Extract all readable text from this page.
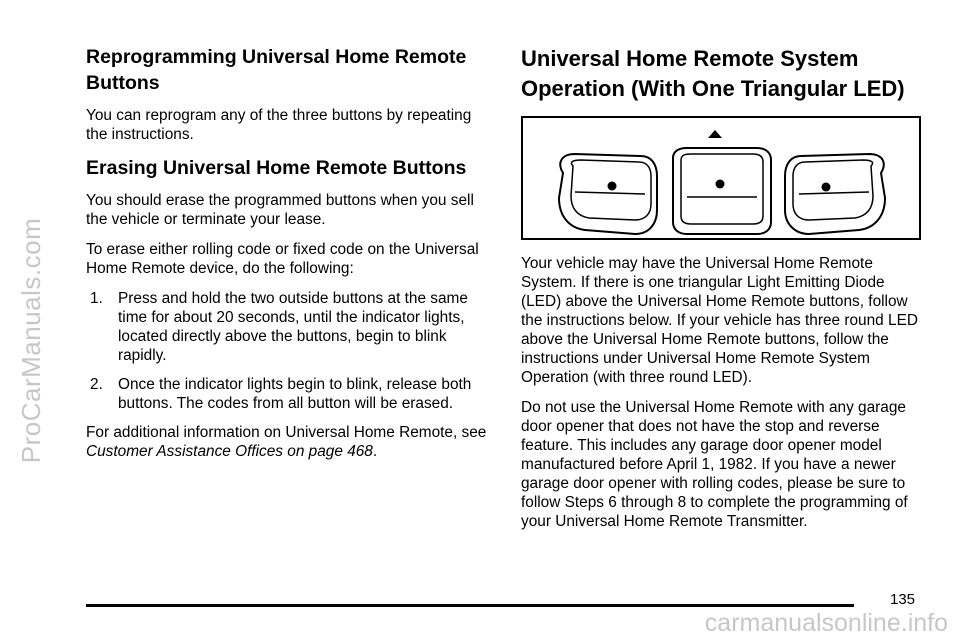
ProCarManuals.com
Reprogramming Universal Home Remote Buttons

You can reprogram any of the three buttons by repeating the instructions.

Erasing Universal Home Remote Buttons

You should erase the programmed buttons when you sell the vehicle or terminate your lease.

To erase either rolling code or fixed code on the Universal Home Remote device, do the following:

1. Press and hold the two outside buttons at the same time for about 20 seconds, until the indicator lights, located directly above the buttons, begin to blink rapidly.
2. Once the indicator lights begin to blink, release both buttons. The codes from all button will be erased.

For additional information on Universal Home Remote, see Customer Assistance Offices on page 468.

Universal Home Remote System Operation (With One Triangular LED)

Your vehicle may have the Universal Home Remote System. If there is one triangular Light Emitting Diode (LED) above the Universal Home Remote buttons, follow the instructions below. If your vehicle has three round LED above the Universal Home Remote buttons, follow the instructions under Universal Home Remote System Operation (with three round LED).

Do not use the Universal Home Remote with any garage door opener that does not have the stop and reverse feature. This includes any garage door opener model manufactured before April 1, 1982. If you have a newer garage door opener with rolling codes, please be sure to follow Steps 6 through 8 to complete the programming of your Universal Home Remote Transmitter.

135
carmanualsonline.info
